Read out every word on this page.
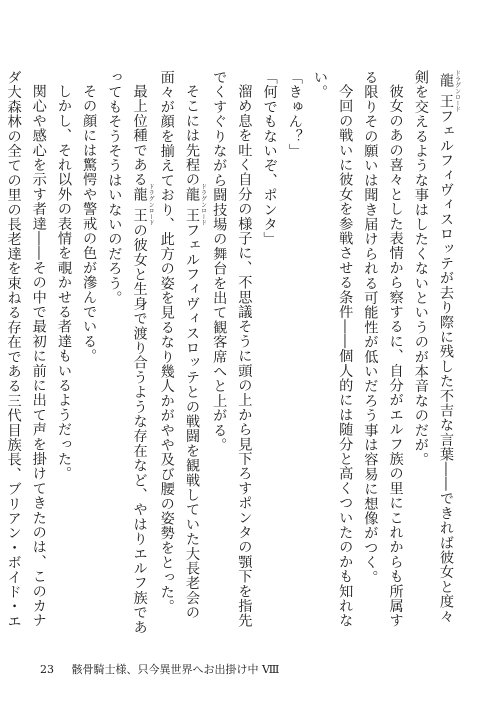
龍王 ドラグンロードフェルフィヴィスロッテが去り際に残した不吉な言葉――できれば彼女と度々剣を交えるような事はしたくないというのが本音なのだが。

彼女のあの喜々とした表情から察するに、自分がエルフ族の里にこれからも所属する限りその願いは聞き届けられる可能性が低いだろう事は容易に想像がつく。

今回の戦いに彼女を参戦させる条件――個人的には随分と高くついたのかも知れない。

「きゅん？」

「何でもないぞ、ポンタ」

溜め息を吐く自分の様子に、不思議そうに頭の上から見下ろすポンタの顎下を指先でくすぐりながら闘技場の舞台を出て観客席へと上がる。

そこには先程の龍王 ドラグンロードフェルフィヴィスロッテとの戦闘を観戦していた大長老会の面々が顔を揃えており、此方の姿を見るなり幾人かがやや及び腰の姿勢をとった。

最上位種である龍王 ドラグンロードの彼女と生身で渡り合うような存在など、やはりエルフ族であってもそうそうはいないのだろう。

その顔には驚愕や警戒の色が滲んでいる。

しかし、それ以外の表情を覗かせる者達もいるようだった。

関心や感心を示す者達――その中で最初に前に出て声を掛けてきたのは、このカナダ大森林の全ての里の長老達を束ねる存在である三代目族長、ブリアン・ボイド・エ

23 骸骨騎士様、只今異世界へお出掛け中 Ⅷ
